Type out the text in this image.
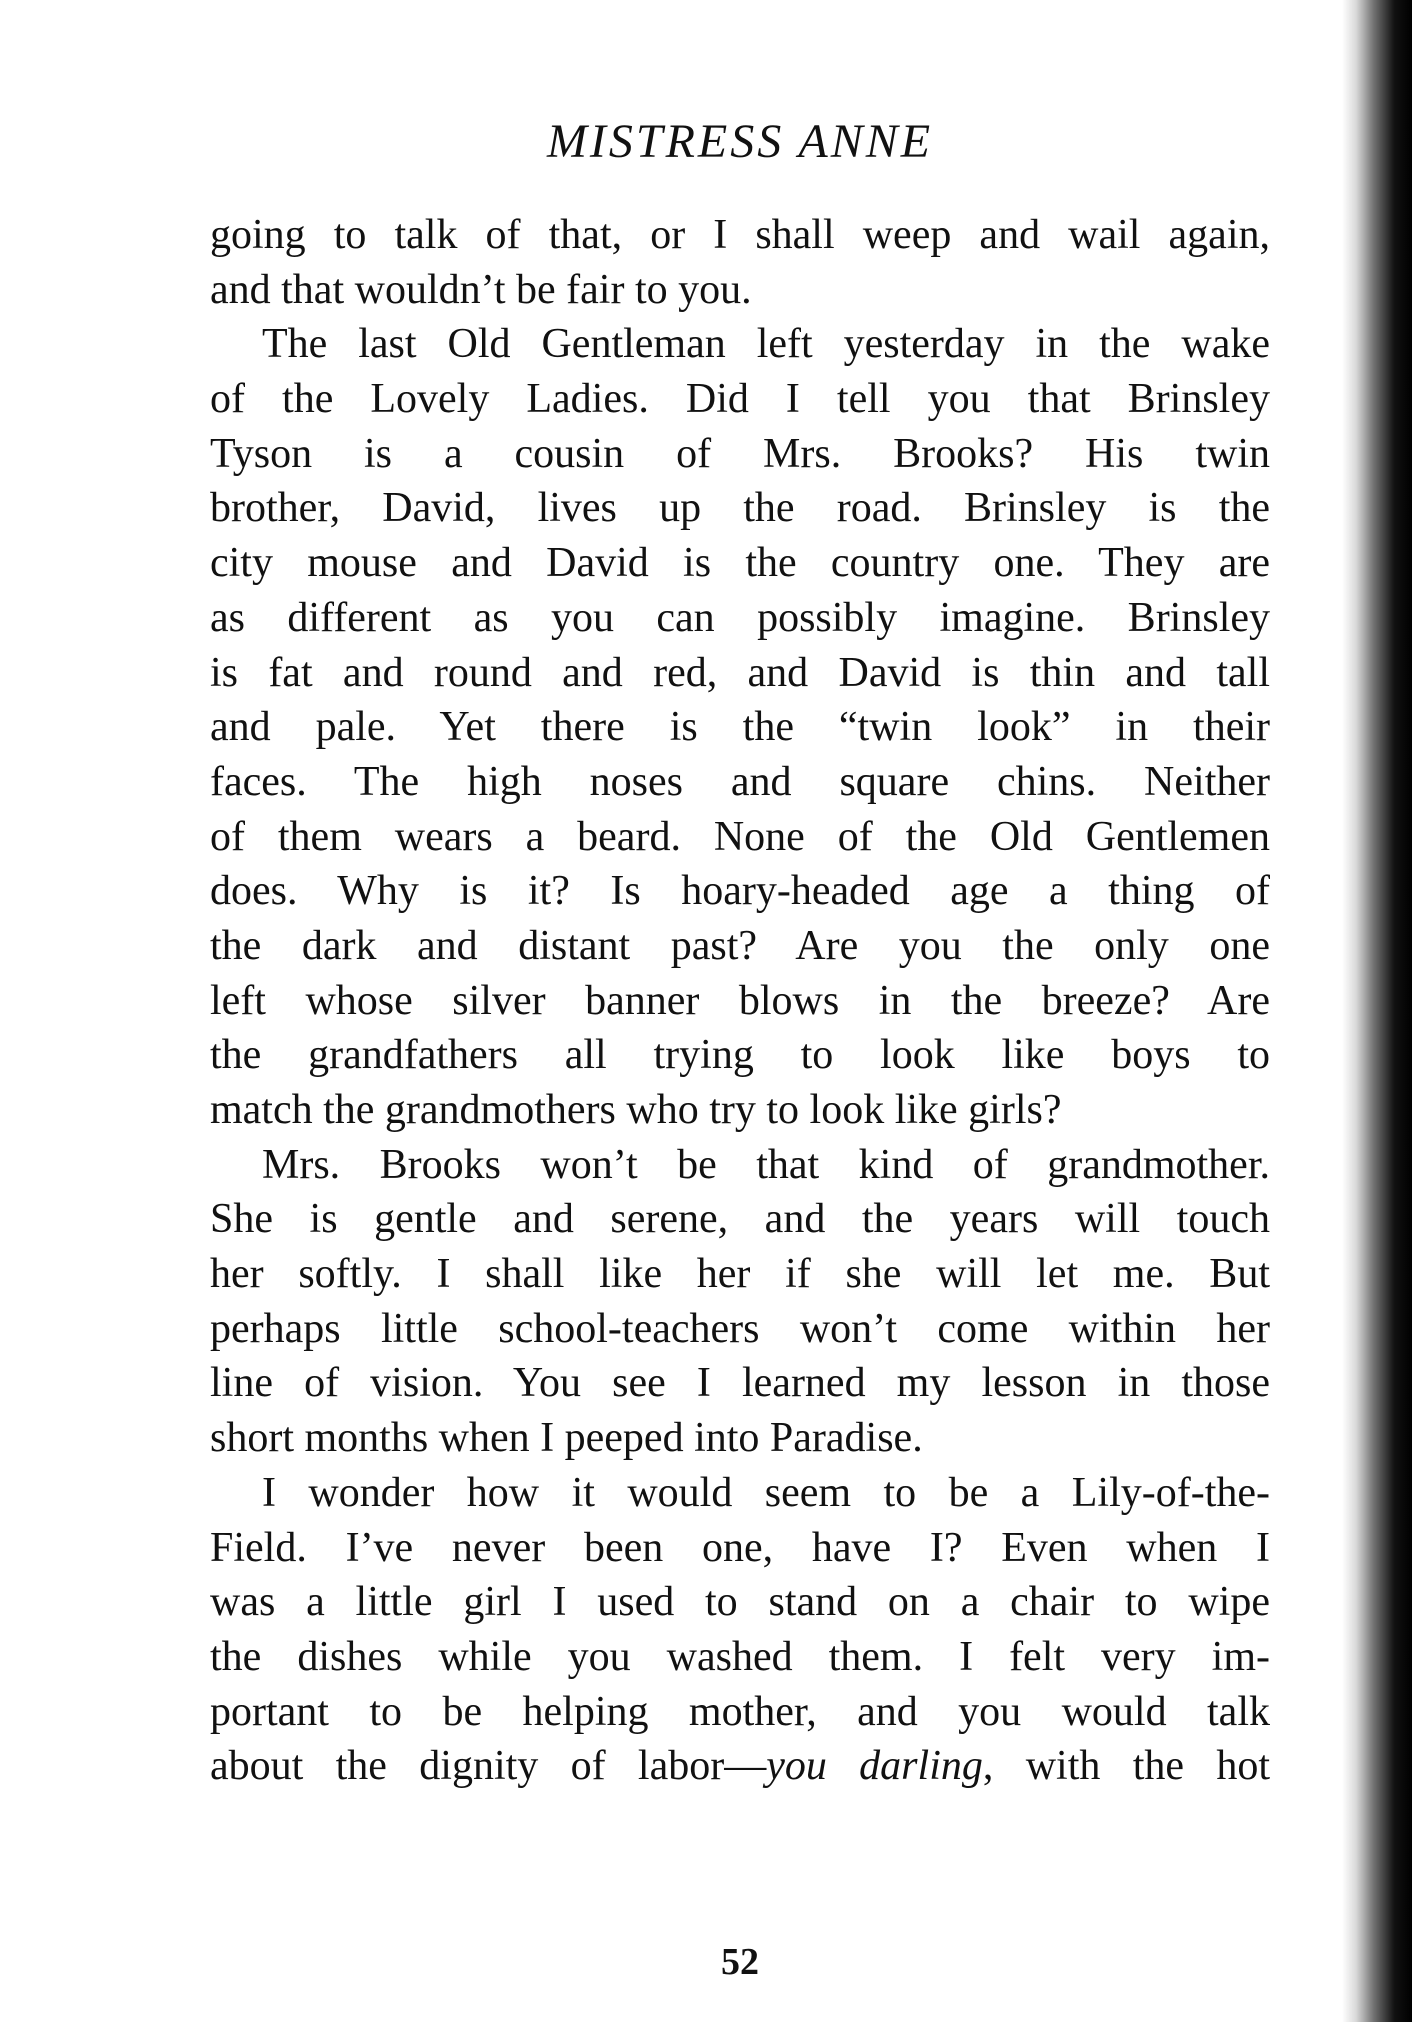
MISTRESS ANNE
going to talk of that, or I shall weep and wail again,
and that wouldn’t be fair to you.
The last Old Gentleman left yesterday in the wake
of the Lovely Ladies. Did I tell you that Brinsley
Tyson is a cousin of Mrs. Brooks? His twin
brother, David, lives up the road. Brinsley is the
city mouse and David is the country one. They are
as different as you can possibly imagine. Brinsley
is fat and round and red, and David is thin and tall
and pale. Yet there is the “twin look” in their
faces. The high noses and square chins. Neither
of them wears a beard. None of the Old Gentlemen
does. Why is it? Is hoary-headed age a thing of
the dark and distant past? Are you the only one
left whose silver banner blows in the breeze? Are
the grandfathers all trying to look like boys to
match the grandmothers who try to look like girls?
Mrs. Brooks won’t be that kind of grandmother.
She is gentle and serene, and the years will touch
her softly. I shall like her if she will let me. But
perhaps little school-teachers won’t come within her
line of vision. You see I learned my lesson in those
short months when I peeped into Paradise.
I wonder how it would seem to be a Lily-of-the-
Field. I’ve never been one, have I? Even when I
was a little girl I used to stand on a chair to wipe
the dishes while you washed them. I felt very im-
portant to be helping mother, and you would talk
about the dignity of labor—you darling, with the hot
52
